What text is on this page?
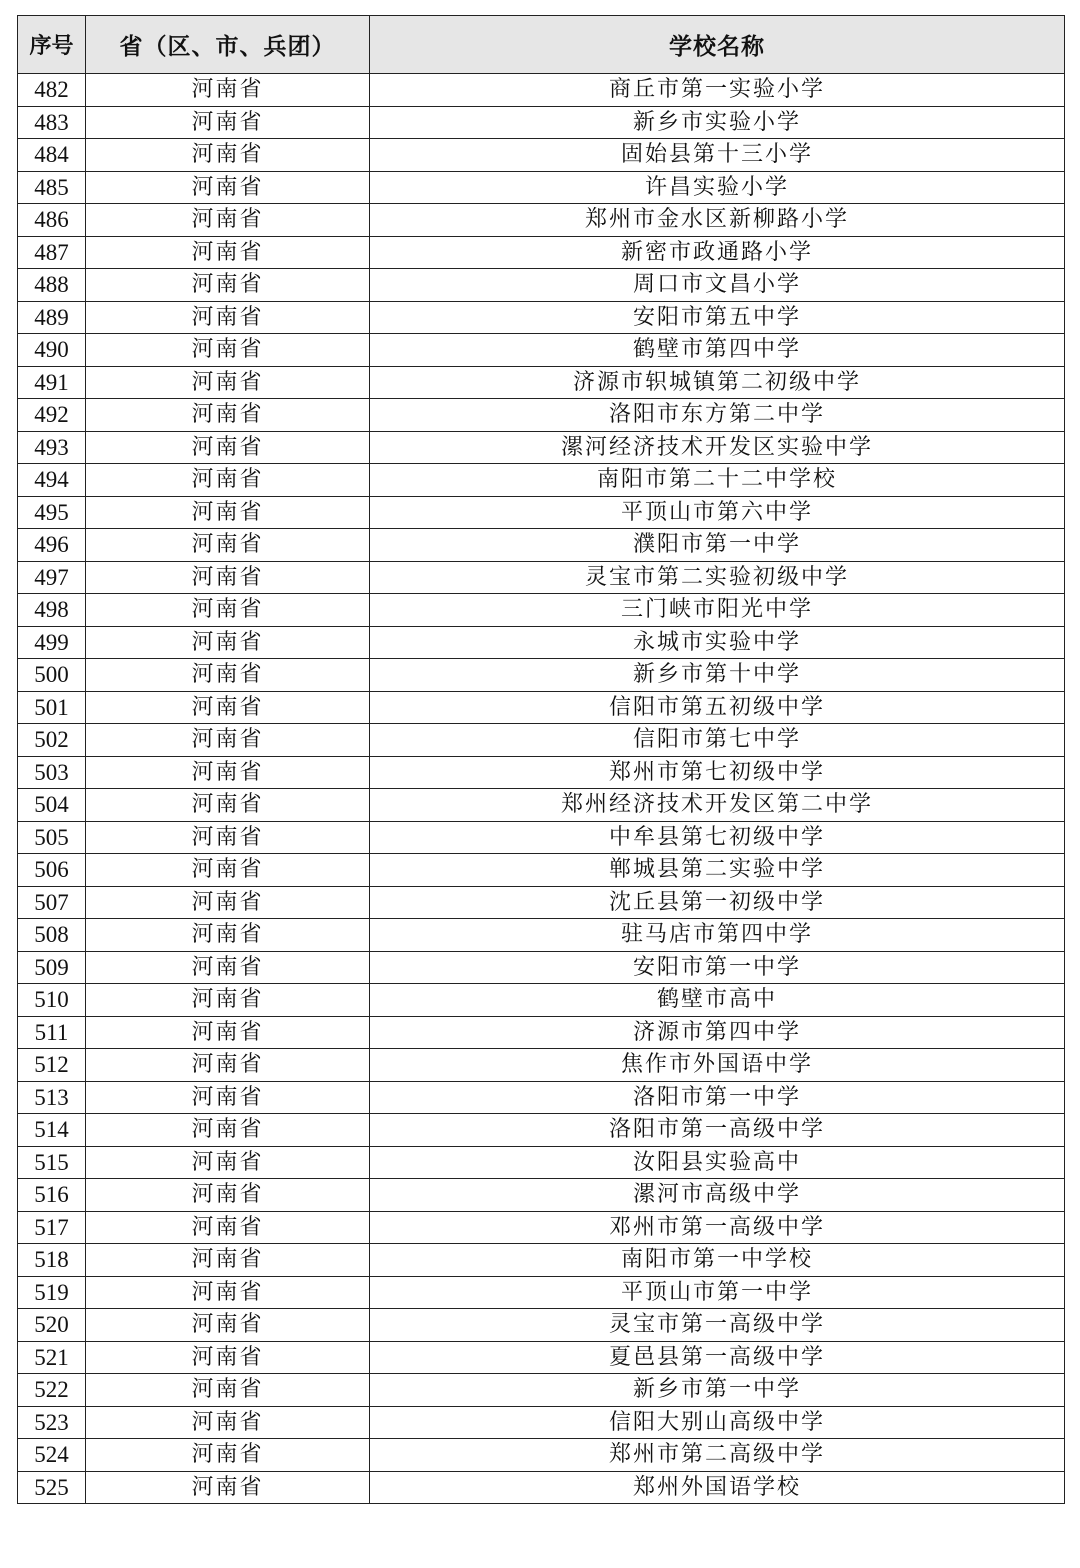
序号	省（区、市、兵团）	学校名称
482	河南省	商丘市第一实验小学
483	河南省	新乡市实验小学
484	河南省	固始县第十三小学
485	河南省	许昌实验小学
486	河南省	郑州市金水区新柳路小学
487	河南省	新密市政通路小学
488	河南省	周口市文昌小学
489	河南省	安阳市第五中学
490	河南省	鹤壁市第四中学
491	河南省	济源市轵城镇第二初级中学
492	河南省	洛阳市东方第二中学
493	河南省	漯河经济技术开发区实验中学
494	河南省	南阳市第二十二中学校
495	河南省	平顶山市第六中学
496	河南省	濮阳市第一中学
497	河南省	灵宝市第二实验初级中学
498	河南省	三门峡市阳光中学
499	河南省	永城市实验中学
500	河南省	新乡市第十中学
501	河南省	信阳市第五初级中学
502	河南省	信阳市第七中学
503	河南省	郑州市第七初级中学
504	河南省	郑州经济技术开发区第二中学
505	河南省	中牟县第七初级中学
506	河南省	郸城县第二实验中学
507	河南省	沈丘县第一初级中学
508	河南省	驻马店市第四中学
509	河南省	安阳市第一中学
510	河南省	鹤壁市高中
511	河南省	济源市第四中学
512	河南省	焦作市外国语中学
513	河南省	洛阳市第一中学
514	河南省	洛阳市第一高级中学
515	河南省	汝阳县实验高中
516	河南省	漯河市高级中学
517	河南省	邓州市第一高级中学
518	河南省	南阳市第一中学校
519	河南省	平顶山市第一中学
520	河南省	灵宝市第一高级中学
521	河南省	夏邑县第一高级中学
522	河南省	新乡市第一中学
523	河南省	信阳大别山高级中学
524	河南省	郑州市第二高级中学
525	河南省	郑州外国语学校
